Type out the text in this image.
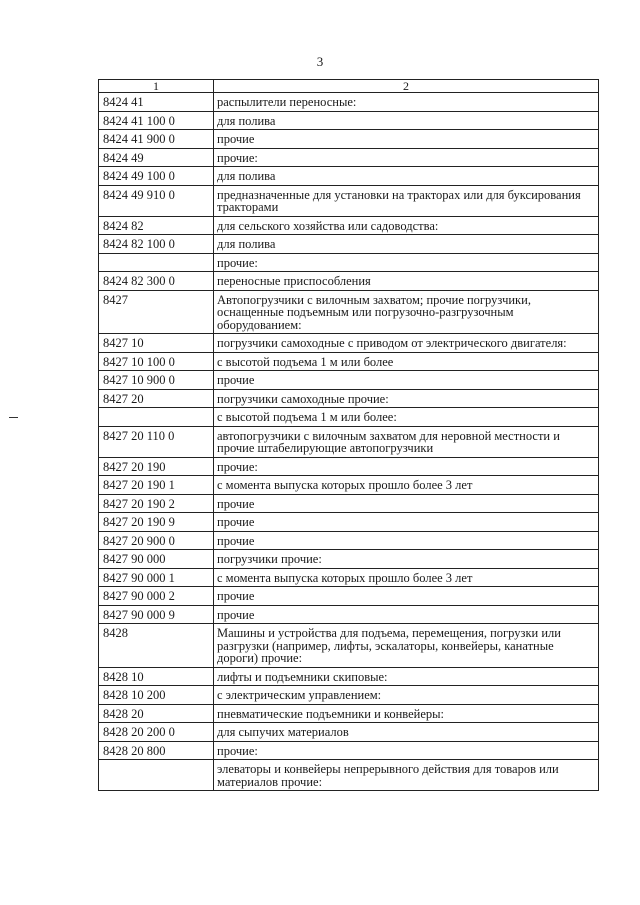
3
1	2
8424 41	распылители переносные:
8424 41 100 0	для полива
8424 41 900 0	прочие
8424 49	прочие:
8424 49 100 0	для полива
8424 49 910 0	предназначенные для установки на тракторах или для буксирования тракторами
8424 82	для сельского хозяйства или садоводства:
8424 82 100 0	для полива
	прочие:
8424 82 300 0	переносные приспособления
8427	Автопогрузчики с вилочным захватом; прочие погрузчики, оснащенные подъемным или погрузочно-разгрузочным оборудованием:
8427 10	погрузчики самоходные с приводом от электрического двигателя:
8427 10 100 0	с высотой подъема 1 м или более
8427 10 900 0	прочие
8427 20	погрузчики самоходные прочие:
	с высотой подъема 1 м или более:
8427 20 110 0	автопогрузчики с вилочным захватом для неровной местности и прочие штабелирующие автопогрузчики
8427 20 190	прочие:
8427 20 190 1	с момента выпуска которых прошло более 3 лет
8427 20 190 2	прочие
8427 20 190 9	прочие
8427 20 900 0	прочие
8427 90 000	погрузчики прочие:
8427 90 000 1	с момента выпуска которых прошло более 3 лет
8427 90 000 2	прочие
8427 90 000 9	прочие
8428	Машины и устройства для подъема, перемещения, погрузки или разгрузки (например, лифты, эскалаторы, конвейеры, канатные дороги) прочие:
8428 10	лифты и подъемники скиповые:
8428 10 200	с электрическим управлением:
8428 20	пневматические подъемники и конвейеры:
8428 20 200 0	для сыпучих материалов
8428 20 800	прочие:
	элеваторы и конвейеры непрерывного действия для товаров или материалов прочие:
